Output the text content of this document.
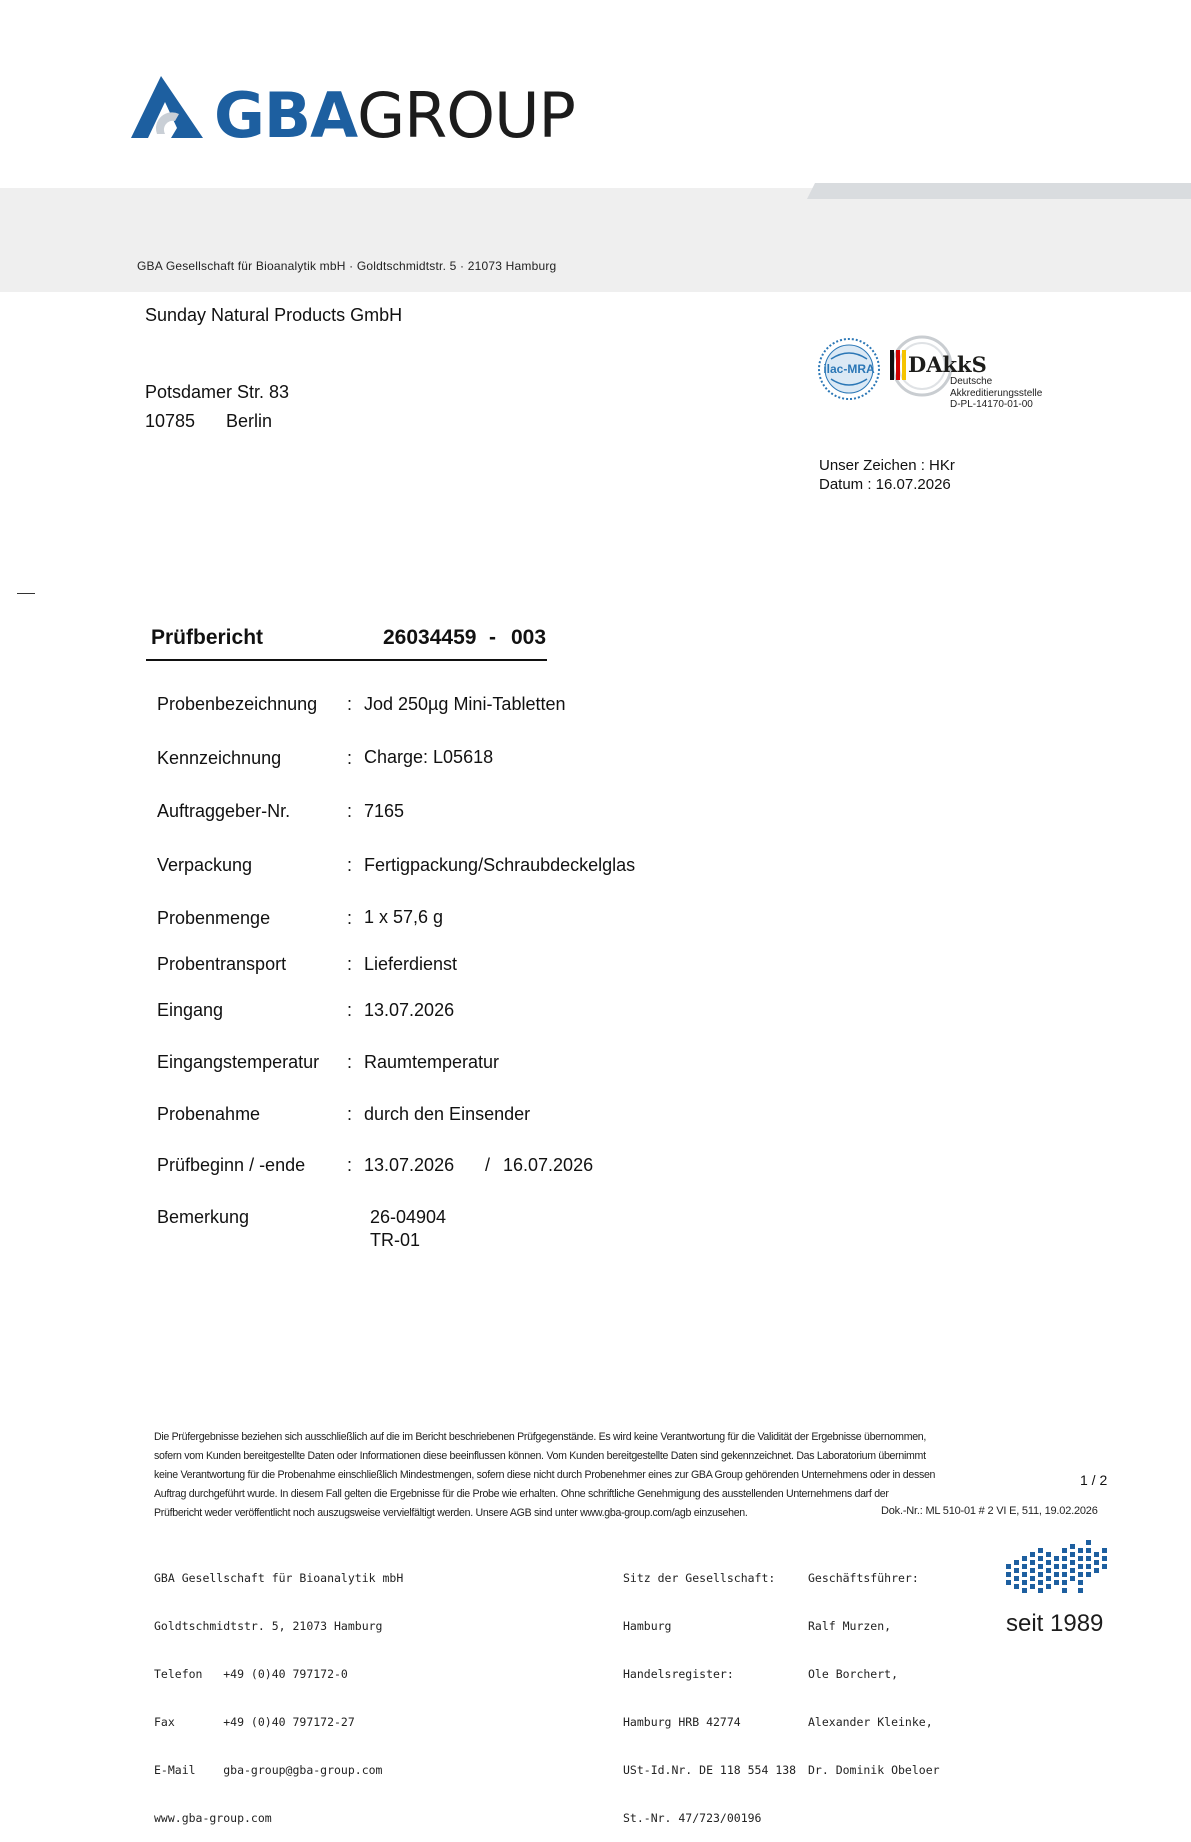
GBAGROUP
GBA Gesellschaft für Bioanalytik mbH · Goldtschmidtstr. 5 · 21073 Hamburg
Sunday Natural Products GmbH
Potsdamer Str. 83
10785 Berlin
ilac-MRA DAkkS
Deutsche
Akkreditierungsstelle
D-PL-14170-01-00
Unser Zeichen : HKr
Datum : 16.07.2026
Prüfbericht	26034459 - 003
Probenbezeichnung : Jod 250µg Mini-Tabletten
Kennzeichnung	: Charge: L05618
Auftraggeber-Nr.	: 7165
Verpackung	: Fertigpackung/Schraubdeckelglas
Probenmenge	: 1 x 57,6 g
Probentransport	: Lieferdienst
Eingang	: 13.07.2026
Eingangstemperatur : Raumtemperatur
Probenahme	: durch den Einsender
Prüfbeginn / -ende : 13.07.2026 / 16.07.2026
Bemerkung	26-04904
TR-01
Die Prüfergebnisse beziehen sich ausschließlich auf die im Bericht beschriebenen Prüfgegenstände. Es wird keine Verantwortung für die Validität der Ergebnisse übernommen,
sofern vom Kunden bereitgestellte Daten oder Informationen diese beeinflussen können. Vom Kunden bereitgestellte Daten sind gekennzeichnet. Das Laboratorium übernimmt
keine Verantwortung für die Probenahme einschließlich Mindestmengen, sofern diese nicht durch Probenehmer eines zur GBA Group gehörenden Unternehmens oder in dessen
Auftrag durchgeführt wurde. In diesem Fall gelten die Ergebnisse für die Probe wie erhalten. Ohne schriftliche Genehmigung des ausstellenden Unternehmens darf der
Prüfbericht weder veröffentlicht noch auszugsweise vervielfältigt werden. Unsere AGB sind unter www.gba-group.com/agb einzusehen.
1 / 2
Dok.-Nr.: ML 510-01 # 2 VI E, 511, 19.02.2026

GBA Gesellschaft für Bioanalytik mbH

Goldtschmidtstr. 5, 21073 Hamburg

Telefon   +49 (0)40 797172-0

Fax       +49 (0)40 797172-27

E-Mail    gba-group@gba-group.com

www.gba-group.com

Sitz der Gesellschaft:

Hamburg

Handelsregister:

Hamburg HRB 42774

USt-Id.Nr. DE 118 554 138

St.-Nr. 47/723/00196

Geschäftsführer:

Ralf Murzen,

Ole Borchert,

Alexander Kleinke,

Dr. Dominik Obeloer

seit 1989
